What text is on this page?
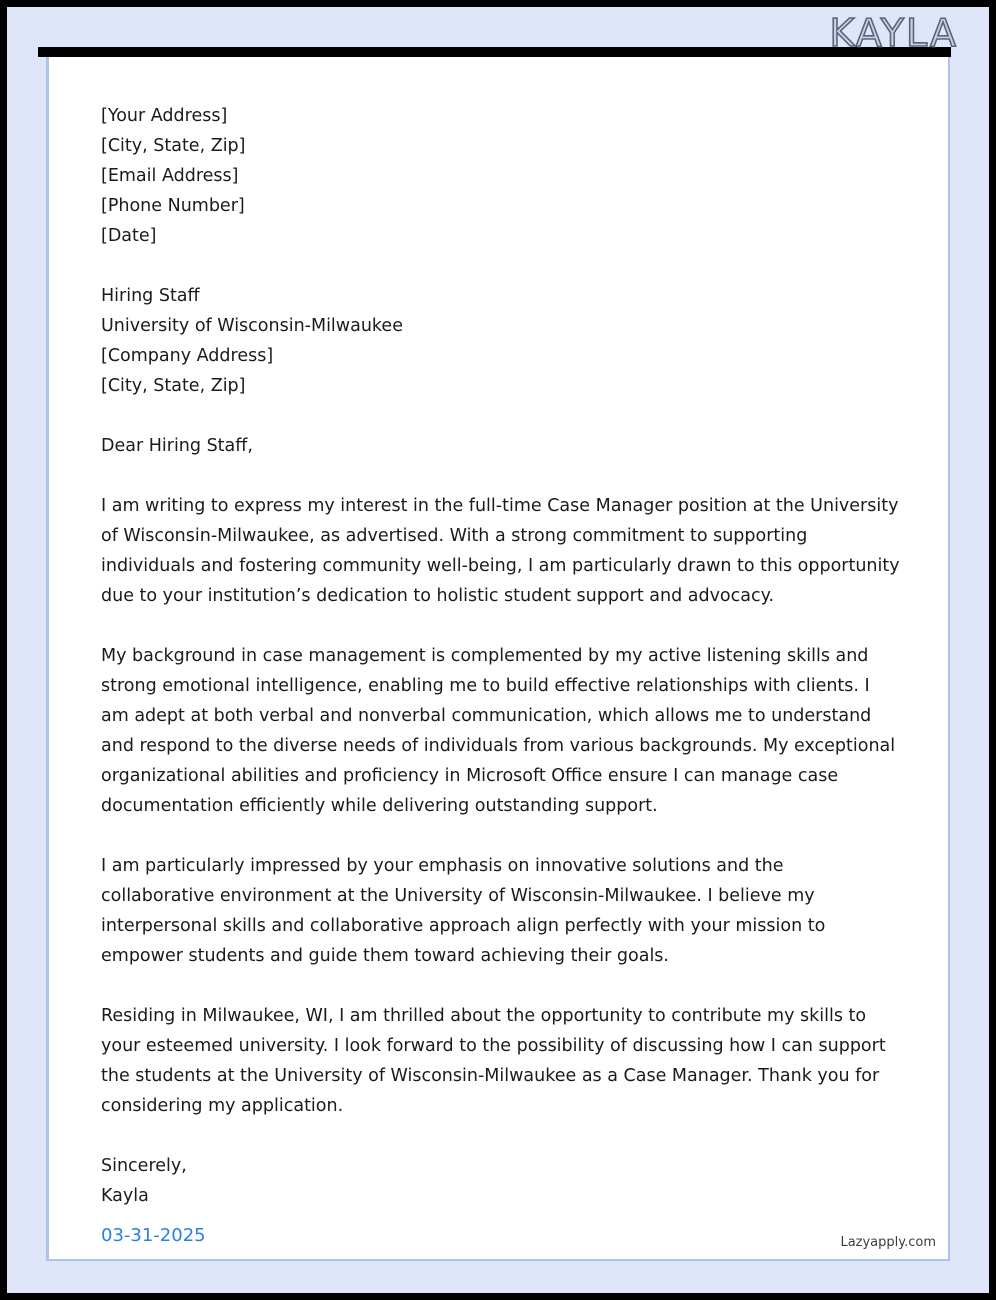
KAYLA
[Your Address]
[City, State, Zip]
[Email Address]
[Phone Number]
[Date]
Hiring Staff
University of Wisconsin-Milwaukee
[Company Address]
[City, State, Zip]
Dear Hiring Staff,

I am writing to express my interest in the full-time Case Manager position at the University of Wisconsin-Milwaukee, as advertised. With a strong commitment to supporting individuals and fostering community well-being, I am particularly drawn to this opportunity due to your institution’s dedication to holistic student support and advocacy.

My background in case management is complemented by my active listening skills and strong emotional intelligence, enabling me to build effective relationships with clients. I am adept at both verbal and nonverbal communication, which allows me to understand and respond to the diverse needs of individuals from various backgrounds. My exceptional organizational abilities and proficiency in Microsoft Office ensure I can manage case documentation efficiently while delivering outstanding support.

I am particularly impressed by your emphasis on innovative solutions and the collaborative environment at the University of Wisconsin-Milwaukee. I believe my interpersonal skills and collaborative approach align perfectly with your mission to empower students and guide them toward achieving their goals.

Residing in Milwaukee, WI, I am thrilled about the opportunity to contribute my skills to your esteemed university. I look forward to the possibility of discussing how I can support the students at the University of Wisconsin-Milwaukee as a Case Manager. Thank you for considering my application.

Sincerely,
Kayla
03-31-2025	Lazyapply.com
